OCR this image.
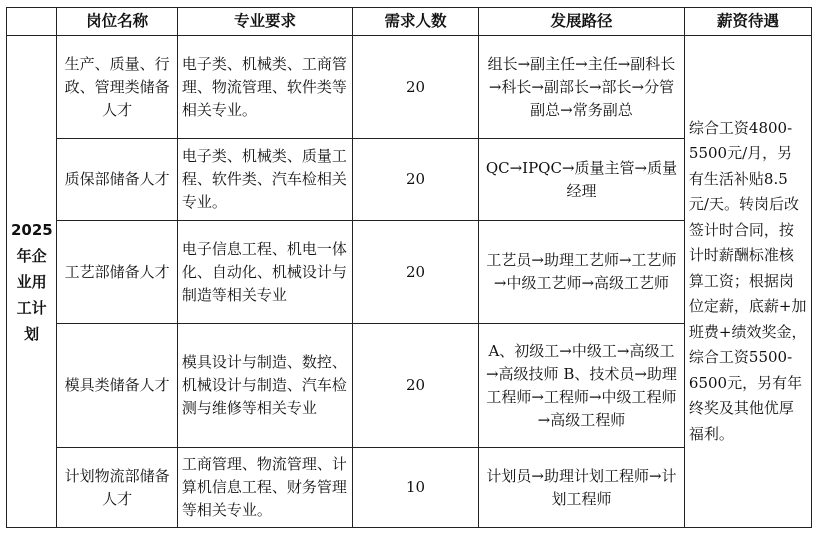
	岗位名称	专业要求	需求人数	发展路径	薪资待遇
2025年企业用工计划	生产、质量、行政、管理类储备人才	电子类、机械类、工商管理、物流管理、软件类等相关专业。	20	组长→副主任→主任→副科长→科长→副部长→部长→分管副总→常务副总	综合工资4800-5500元/月，另有生活补贴8.5元/天。转岗后改签计时合同，按计时薪酬标准核算工资；根据岗位定薪，底薪+加班费+绩效奖金，综合工资5500-6500元，另有年终奖及其他优厚福利。
	质保部储备人才	电子类、机械类、质量工程、软件类、汽车检相关专业。	20	QC→IPQC→质量主管→质量经理	
	工艺部储备人才	电子信息工程、机电一体化、自动化、机械设计与制造等相关专业	20	工艺员→助理工艺师→工艺师→中级工艺师→高级工艺师	
	模具类储备人才	模具设计与制造、数控、机械设计与制造、汽车检测与维修等相关专业	20	A、初级工→中级工→高级工→高级技师 B、技术员→助理工程师→工程师→中级工程师→高级工程师	
	计划物流部储备人才	工商管理、物流管理、计算机信息工程、财务管理等相关专业。	10	计划员→助理计划工程师→计划工程师	
